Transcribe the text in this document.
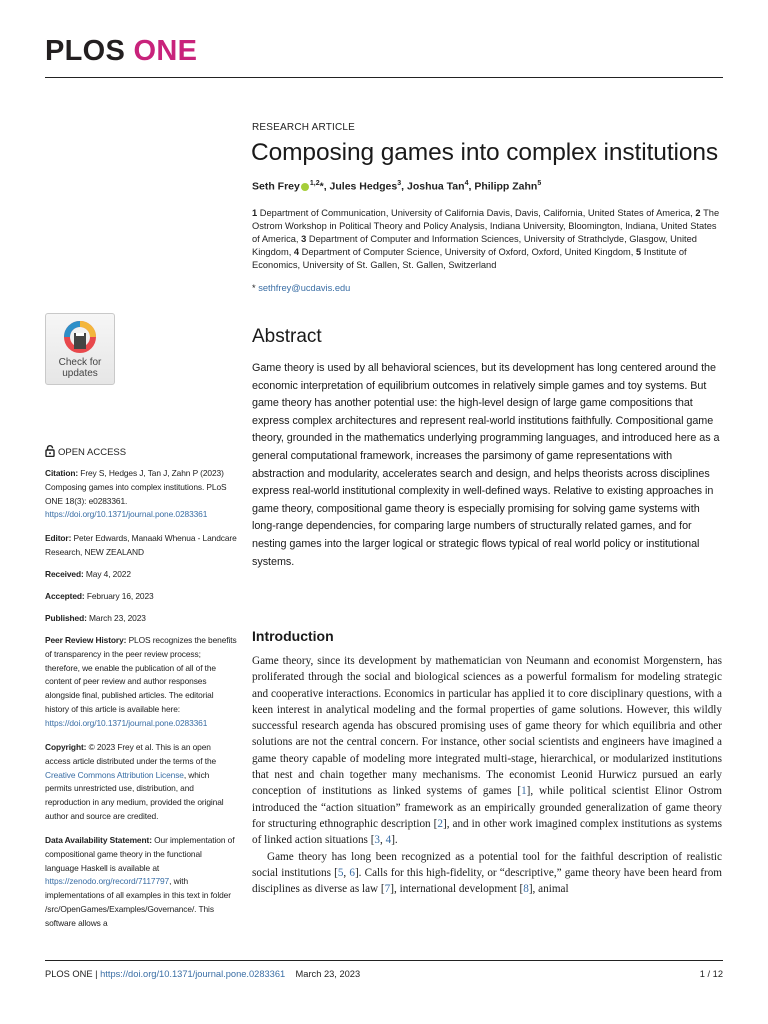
PLOS ONE
RESEARCH ARTICLE
Composing games into complex institutions
Seth Frey $^{1,2}$*, Jules Hedges$^3$, Joshua Tan$^4$, Philipp Zahn$^5$
1 Department of Communication, University of California Davis, Davis, California, United States of America, 2 The Ostrom Workshop in Political Theory and Policy Analysis, Indiana University, Bloomington, Indiana, United States of America, 3 Department of Computer and Information Sciences, University of Strathclyde, Glasgow, United Kingdom, 4 Department of Computer Science, University of Oxford, Oxford, United Kingdom, 5 Institute of Economics, University of St. Gallen, St. Gallen, Switzerland
* sethfrey@ucdavis.edu
Check for
updates
OPEN ACCESS
Citation: Frey S, Hedges J, Tan J, Zahn P (2023) Composing games into complex institutions. PLoS ONE 18(3): e0283361. https://doi.org/10.1371/journal.pone.0283361
Editor: Peter Edwards, Manaaki Whenua - Landcare Research, NEW ZEALAND
Received: May 4, 2022
Accepted: February 16, 2023
Published: March 23, 2023
Peer Review History: PLOS recognizes the benefits of transparency in the peer review process; therefore, we enable the publication of all of the content of peer review and author responses alongside final, published articles. The editorial history of this article is available here: https://doi.org/10.1371/journal.pone.0283361
Copyright: © 2023 Frey et al. This is an open access article distributed under the terms of the Creative Commons Attribution License, which permits unrestricted use, distribution, and reproduction in any medium, provided the original author and source are credited.
Data Availability Statement: Our implementation of compositional game theory in the functional language Haskell is available at https://zenodo.org/record/7117797, with implementations of all examples in this text in folder /src/OpenGames/Examples/Governance/. This software allows a
Abstract
Game theory is used by all behavioral sciences, but its development has long centered around the economic interpretation of equilibrium outcomes in relatively simple games and toy systems. But game theory has another potential use: the high-level design of large game compositions that express complex architectures and represent real-world institutions faithfully. Compositional game theory, grounded in the mathematics underlying programming languages, and introduced here as a general computational framework, increases the parsimony of game representations with abstraction and modularity, accelerates search and design, and helps theorists across disciplines express real-world institutional complexity in well-defined ways. Relative to existing approaches in game theory, compositional game theory is especially promising for solving game systems with long-range dependencies, for comparing large numbers of structurally related games, and for nesting games into the larger logical or strategic flows typical of real world policy or institutional systems.
Introduction

Game theory, since its development by mathematician von Neumann and economist Morgenstern, has proliferated through the social and biological sciences as a powerful formalism for modeling strategic and cooperative interactions. Economics in particular has applied it to core disciplinary questions, with a keen interest in analytical modeling and the formal properties of game solutions. However, this wildly successful research agenda has obscured promising uses of game theory for which equilibria and other solutions are not the central concern. For instance, other social scientists and engineers have imagined a game theory capable of modeling more integrated multi-stage, hierarchical, or modularized institutions that nest and chain together many mechanisms. The economist Leonid Hurwicz pursued an early conception of institutions as linked systems of games [1], while political scientist Elinor Ostrom introduced the “action situation” framework as an empirically grounded generalization of game theory for structuring ethnographic description [2], and in other work imagined complex institutions as systems of linked action situations [3, 4].

Game theory has long been recognized as a potential tool for the faithful description of realistic social institutions [5, 6]. Calls for this high-fidelity, or “descriptive,” game theory have been heard from disciplines as diverse as law [7], international development [8], animal

PLOS ONE | https://doi.org/10.1371/journal.pone.0283361 March 23, 2023	1 / 12
